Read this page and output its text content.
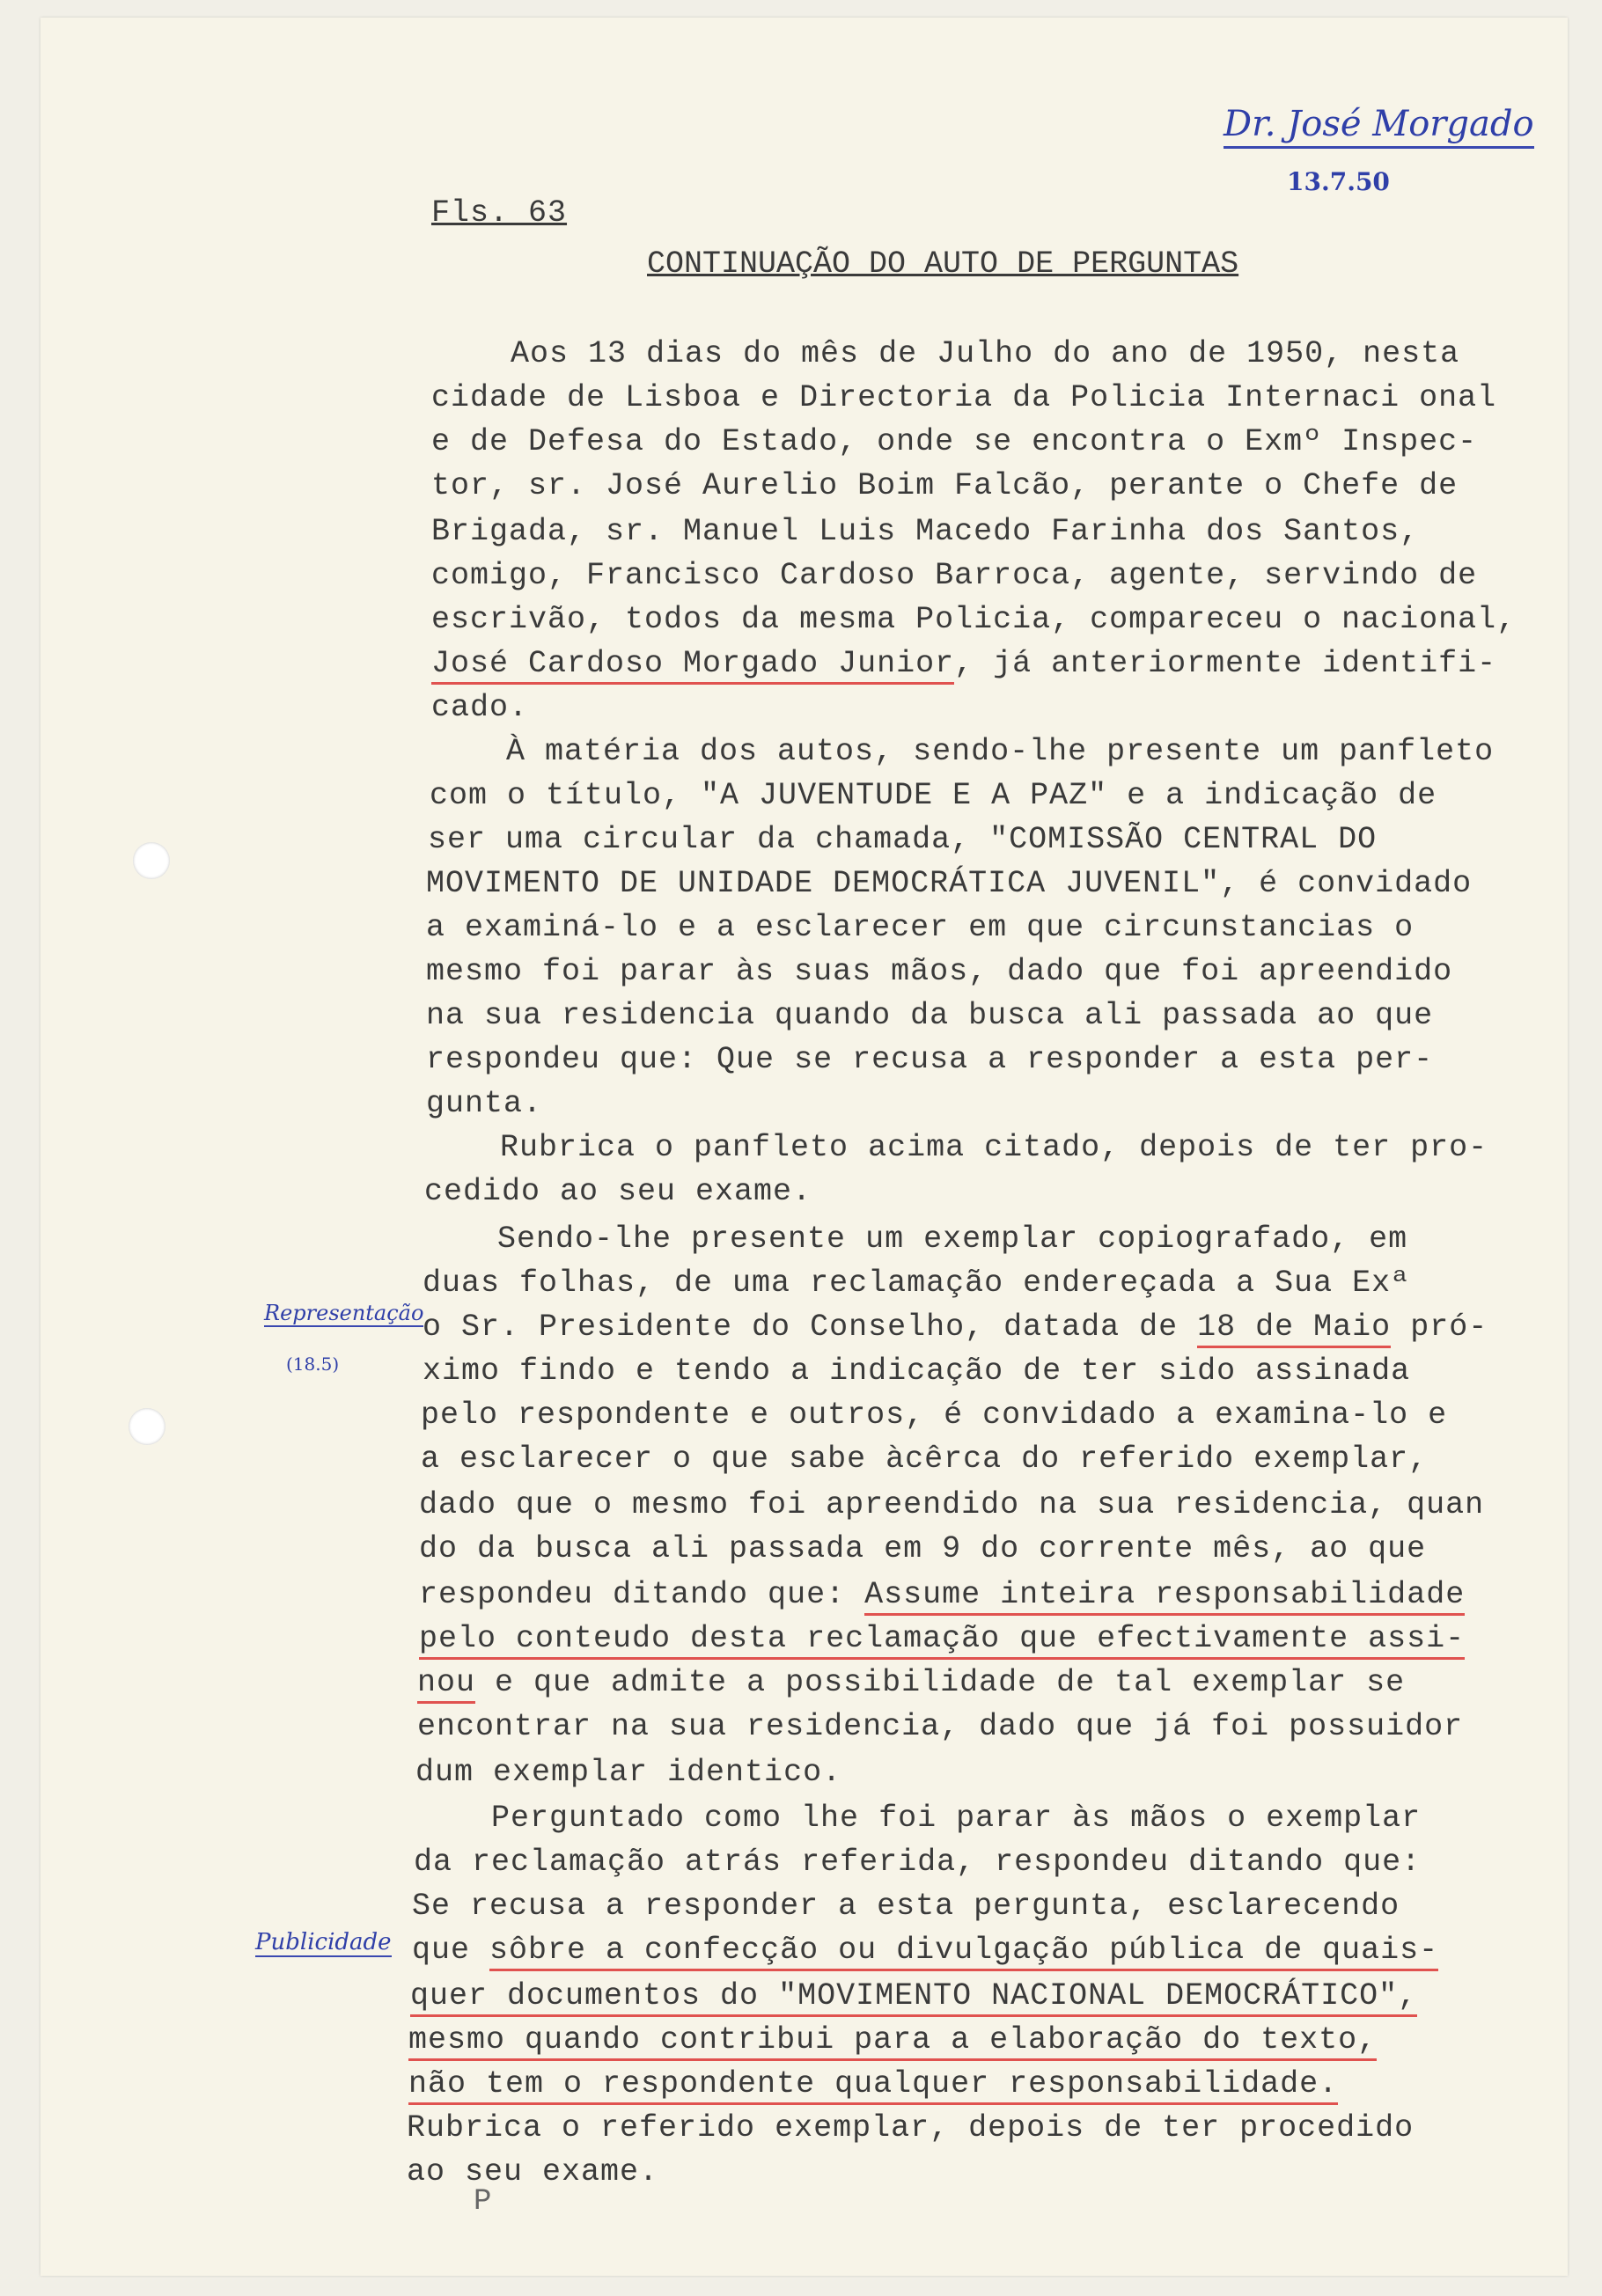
Dr. José Morgado
13.7.50
Representação
(18.5)
Publicidade
Fls. 63
CONTINUAÇÃO DO AUTO DE PERGUNTAS
Aos 13 dias do mês de Julho do ano de 1950, nesta
cidade de Lisboa e Directoria da Policia Internaci onal
e de Defesa do Estado, onde se encontra o Exmº Inspec-
tor, sr. José Aurelio Boim Falcão, perante o Chefe de
Brigada, sr. Manuel Luis Macedo Farinha dos Santos,
comigo, Francisco Cardoso Barroca, agente, servindo de
escrivão, todos da mesma Policia, compareceu o nacional,
José Cardoso Morgado Junior, já anteriormente identifi-
cado.
À matéria dos autos, sendo-lhe presente um panfleto
com o título, "A JUVENTUDE E A PAZ" e a indicação de
ser uma circular da chamada, "COMISSÃO CENTRAL DO
MOVIMENTO DE UNIDADE DEMOCRÁTICA JUVENIL", é convidado
a examiná-lo e a esclarecer em que circunstancias o
mesmo foi parar às suas mãos, dado que foi apreendido
na sua residencia quando da busca ali passada ao que
respondeu que: Que se recusa a responder a esta per-
gunta.
Rubrica o panfleto acima citado, depois de ter pro-
cedido ao seu exame.
Sendo-lhe presente um exemplar copiografado, em
duas folhas, de uma reclamação endereçada a Sua Exª
o Sr. Presidente do Conselho, datada de 18 de Maio pró-
ximo findo e tendo a indicação de ter sido assinada
pelo respondente e outros, é convidado a examina-lo e
a esclarecer o que sabe àcêrca do referido exemplar,
dado que o mesmo foi apreendido na sua residencia, quan
do da busca ali passada em 9 do corrente mês, ao que
respondeu ditando que: Assume inteira responsabilidade
pelo conteudo desta reclamação que efectivamente assi-
nou e que admite a possibilidade de tal exemplar se
encontrar na sua residencia, dado que já foi possuidor
dum exemplar identico.
Perguntado como lhe foi parar às mãos o exemplar
da reclamação atrás referida, respondeu ditando que:
Se recusa a responder a esta pergunta, esclarecendo
que sôbre a confecção ou divulgação pública de quais-
quer documentos do "MOVIMENTO NACIONAL DEMOCRÁTICO",
mesmo quando contribui para a elaboração do texto,
não tem o respondente qualquer responsabilidade.
Rubrica o referido exemplar, depois de ter procedido
ao seu exame.
P
